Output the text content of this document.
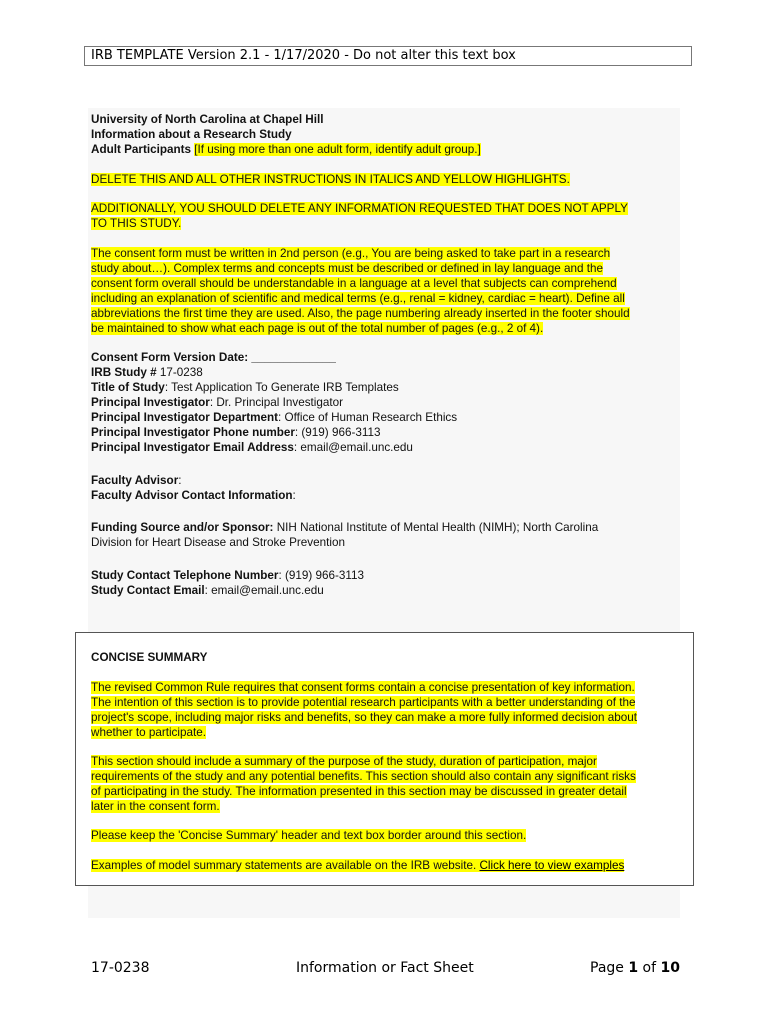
IRB TEMPLATE Version 2.1 - 1/17/2020 - Do not alter this text box
University of North Carolina at Chapel Hill
Information about a Research Study
Adult Participants [If using more than one adult form, identify adult group.]
DELETE THIS AND ALL OTHER INSTRUCTIONS IN ITALICS AND YELLOW HIGHLIGHTS.
ADDITIONALLY, YOU SHOULD DELETE ANY INFORMATION REQUESTED THAT DOES NOT APPLY
TO THIS STUDY.
The consent form must be written in 2nd person (e.g., You are being asked to take part in a research
study about…). Complex terms and concepts must be described or defined in lay language and the
consent form overall should be understandable in a language at a level that subjects can comprehend
including an explanation of scientific and medical terms (e.g., renal = kidney, cardiac = heart). Define all
abbreviations the first time they are used. Also, the page numbering already inserted in the footer should
be maintained to show what each page is out of the total number of pages (e.g., 2 of 4).
Consent Form Version Date: _____________
IRB Study # 17-0238
Title of Study: Test Application To Generate IRB Templates
Principal Investigator: Dr. Principal Investigator
Principal Investigator Department: Office of Human Research Ethics
Principal Investigator Phone number: (919) 966-3113
Principal Investigator Email Address: email@email.unc.edu
Faculty Advisor:
Faculty Advisor Contact Information:
Funding Source and/or Sponsor: NIH National Institute of Mental Health (NIMH); North Carolina
Division for Heart Disease and Stroke Prevention
Study Contact Telephone Number: (919) 966-3113
Study Contact Email: email@email.unc.edu
CONCISE SUMMARY
The revised Common Rule requires that consent forms contain a concise presentation of key information.
The intention of this section is to provide potential research participants with a better understanding of the
project's scope, including major risks and benefits, so they can make a more fully informed decision about
whether to participate.
This section should include a summary of the purpose of the study, duration of participation, major
requirements of the study and any potential benefits. This section should also contain any significant risks
of participating in the study. The information presented in this section may be discussed in greater detail
later in the consent form.
Please keep the 'Concise Summary' header and text box border around this section.
Examples of model summary statements are available on the IRB website. Click here to view examples
17-0238	Information or Fact Sheet	Page 1 of 10
